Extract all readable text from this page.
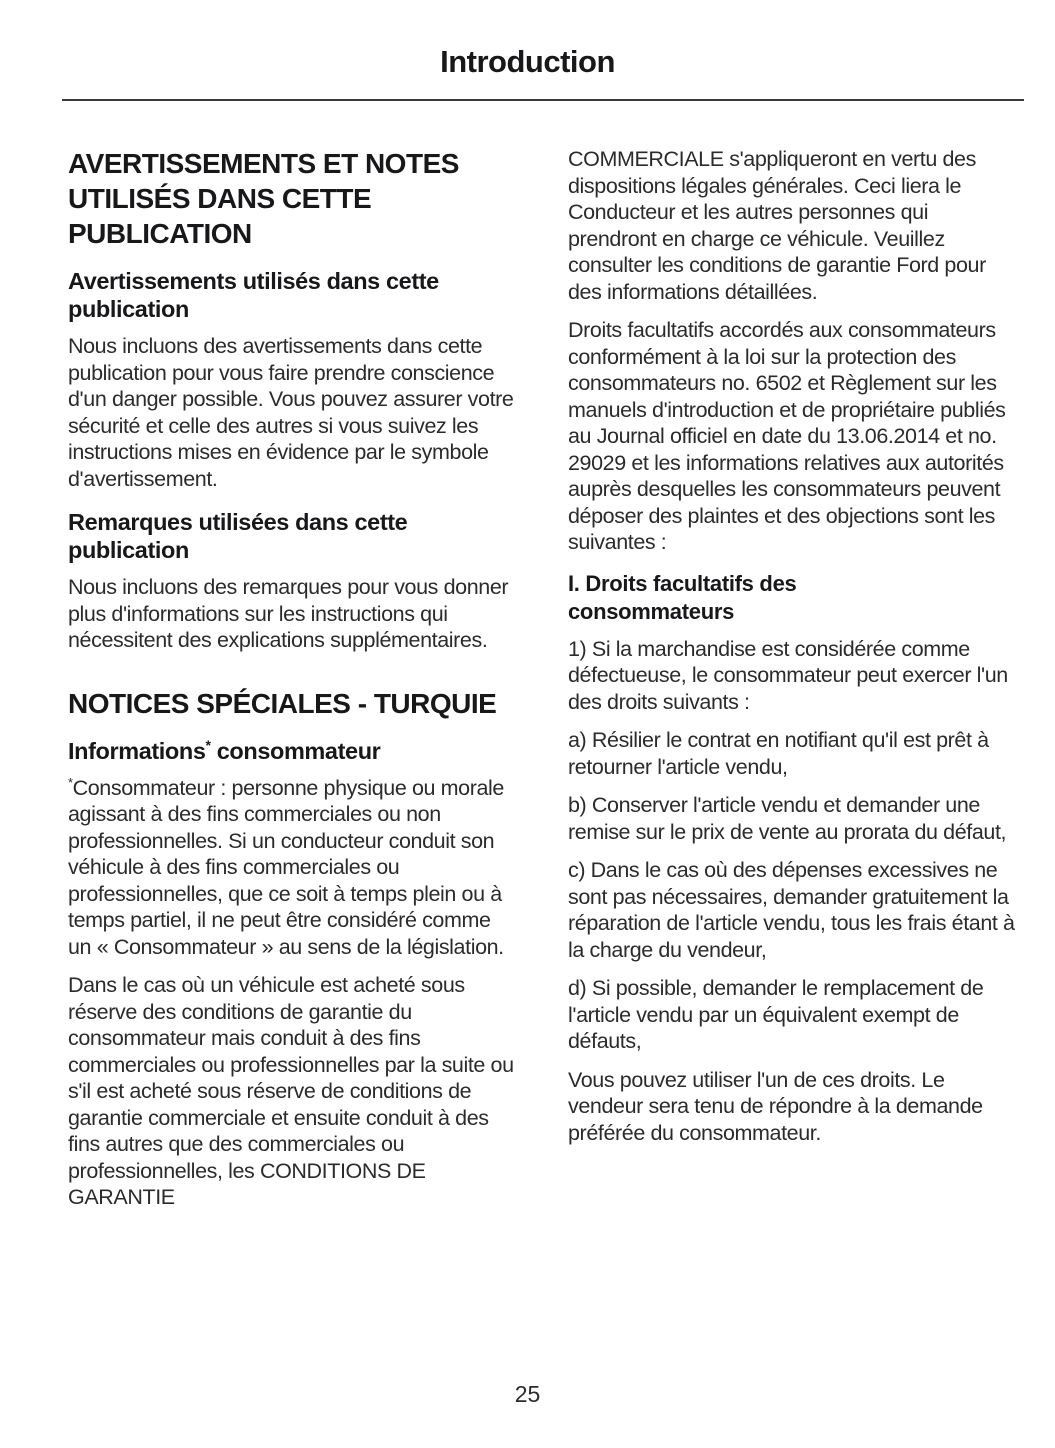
Introduction
AVERTISSEMENTS ET NOTES UTILISÉS DANS CETTE PUBLICATION
Avertissements utilisés dans cette publication

Nous incluons des avertissements dans cette publication pour vous faire prendre conscience d'un danger possible. Vous pouvez assurer votre sécurité et celle des autres si vous suivez les instructions mises en évidence par le symbole d'avertissement.

Remarques utilisées dans cette publication

Nous incluons des remarques pour vous donner plus d'informations sur les instructions qui nécessitent des explications supplémentaires.

NOTICES SPÉCIALES - TURQUIE
Informations* consommateur

*Consommateur : personne physique ou morale agissant à des fins commerciales ou non professionnelles. Si un conducteur conduit son véhicule à des fins commerciales ou professionnelles, que ce soit à temps plein ou à temps partiel, il ne peut être considéré comme un « Consommateur » au sens de la législation.

Dans le cas où un véhicule est acheté sous réserve des conditions de garantie du consommateur mais conduit à des fins commerciales ou professionnelles par la suite ou s'il est acheté sous réserve de conditions de garantie commerciale et ensuite conduit à des fins autres que des commerciales ou professionnelles, les CONDITIONS DE GARANTIE

COMMERCIALE s'appliqueront en vertu des dispositions légales générales. Ceci liera le Conducteur et les autres personnes qui prendront en charge ce véhicule. Veuillez consulter les conditions de garantie Ford pour des informations détaillées.

Droits facultatifs accordés aux consommateurs conformément à la loi sur la protection des consommateurs no. 6502 et Règlement sur les manuels d'introduction et de propriétaire publiés au Journal officiel en date du 13.06.2014 et no. 29029 et les informations relatives aux autorités auprès desquelles les consommateurs peuvent déposer des plaintes et des objections sont les suivantes :

I. Droits facultatifs des consommateurs

1) Si la marchandise est considérée comme défectueuse, le consommateur peut exercer l'un des droits suivants :

a) Résilier le contrat en notifiant qu'il est prêt à retourner l'article vendu,

b) Conserver l'article vendu et demander une remise sur le prix de vente au prorata du défaut,

c) Dans le cas où des dépenses excessives ne sont pas nécessaires, demander gratuitement la réparation de l'article vendu, tous les frais étant à la charge du vendeur,

d) Si possible, demander le remplacement de l'article vendu par un équivalent exempt de défauts,

Vous pouvez utiliser l'un de ces droits. Le vendeur sera tenu de répondre à la demande préférée du consommateur.

25
